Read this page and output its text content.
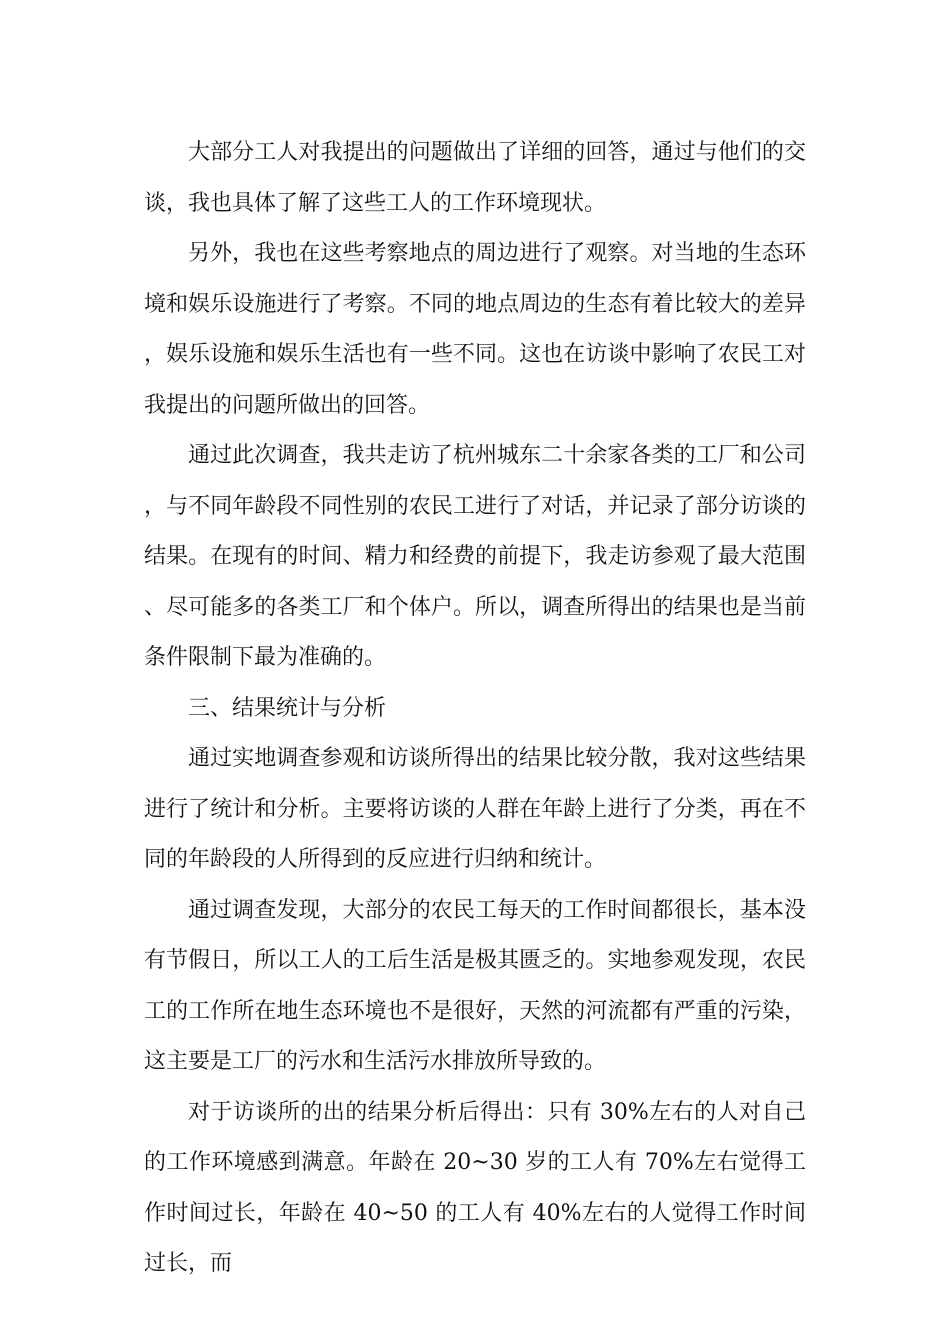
大部分工人对我提出的问题做出了详细的回答，通过与他们的交谈，我也具体了解了这些工人的工作环境现状。

另外，我也在这些考察地点的周边进行了观察。对当地的生态环境和娱乐设施进行了考察。不同的地点周边的生态有着比较大的差异，娱乐设施和娱乐生活也有一些不同。这也在访谈中影响了农民工对我提出的问题所做出的回答。

通过此次调查，我共走访了杭州城东二十余家各类的工厂和公司，与不同年龄段不同性别的农民工进行了对话，并记录了部分访谈的结果。在现有的时间、精力和经费的前提下，我走访参观了最大范围、尽可能多的各类工厂和个体户。所以，调查所得出的结果也是当前条件限制下最为准确的。

三、结果统计与分析

通过实地调查参观和访谈所得出的结果比较分散，我对这些结果进行了统计和分析。主要将访谈的人群在年龄上进行了分类，再在不同的年龄段的人所得到的反应进行归纳和统计。

通过调查发现，大部分的农民工每天的工作时间都很长，基本没有节假日，所以工人的工后生活是极其匮乏的。实地参观发现，农民工的工作所在地生态环境也不是很好，天然的河流都有严重的污染，这主要是工厂的污水和生活污水排放所导致的。

对于访谈所的出的结果分析后得出：只有 30%左右的人对自己的工作环境感到满意。年龄在 20~30 岁的工人有 70%左右觉得工作时间过长，年龄在 40~50 的工人有 40%左右的人觉得工作时间过长，而
